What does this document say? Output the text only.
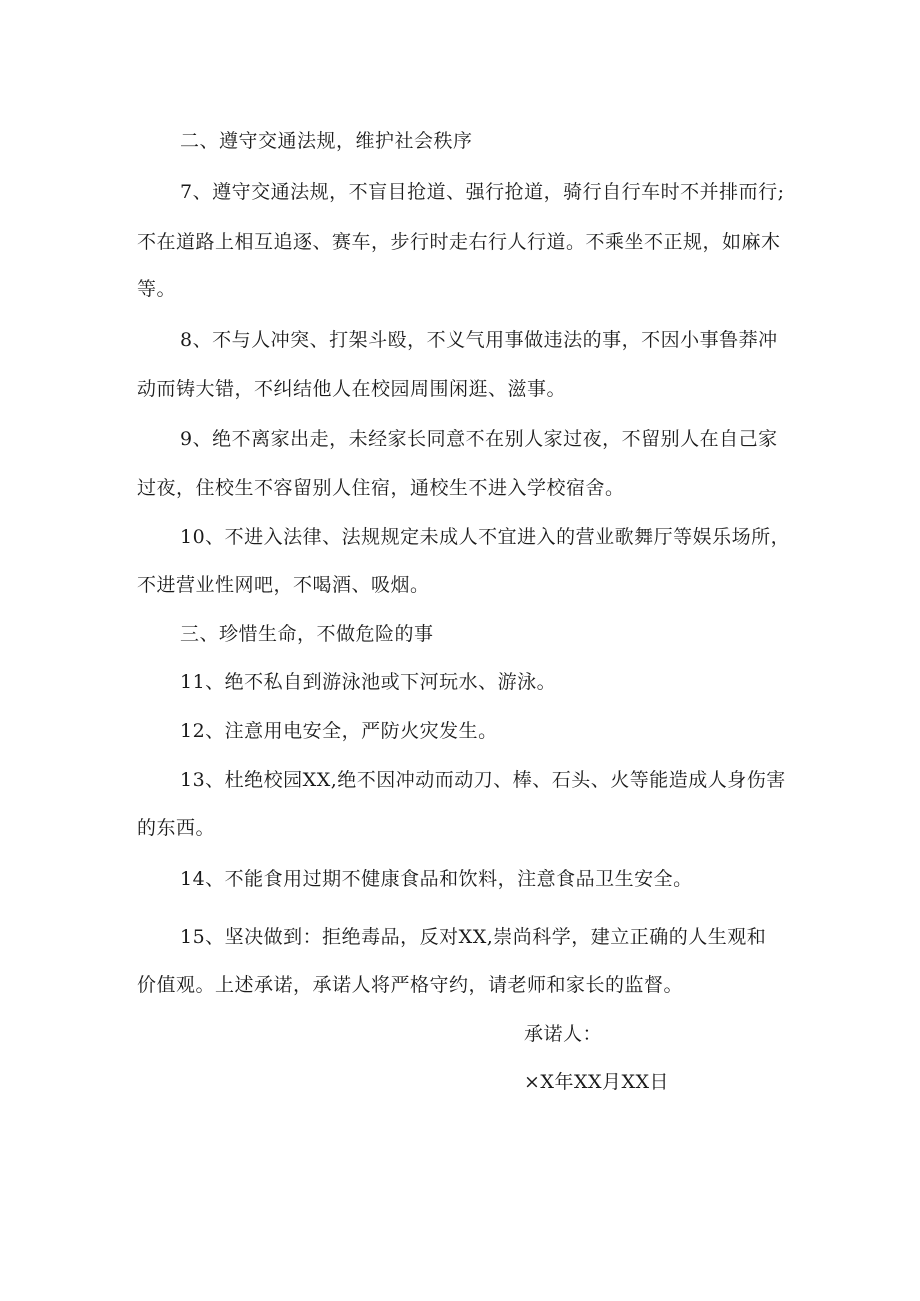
二、遵守交通法规，维护社会秩序
7、遵守交通法规，不盲目抢道、强行抢道，骑行自行车时不并排而行;
不在道路上相互追逐、赛车，步行时走右行人行道。不乘坐不正规，如麻木
等。
8、不与人冲突、打架斗殴，不义气用事做违法的事，不因小事鲁莽冲
动而铸大错，不纠结他人在校园周围闲逛、滋事。
9、绝不离家出走，未经家长同意不在别人家过夜，不留别人在自己家
过夜，住校生不容留别人住宿，通校生不进入学校宿舍。
10、不进入法律、法规规定未成人不宜进入的营业歌舞厅等娱乐场所，
不进营业性网吧，不喝酒、吸烟。
三、珍惜生命，不做危险的事
11、绝不私自到游泳池或下河玩水、游泳。
12、注意用电安全，严防火灾发生。
13、杜绝校园XX,绝不因冲动而动刀、棒、石头、火等能造成人身伤害
的东西。
14、不能食用过期不健康食品和饮料，注意食品卫生安全。
15、坚决做到：拒绝毒品，反对XX,崇尚科学，建立正确的人生观和
价值观。上述承诺，承诺人将严格守约，请老师和家长的监督。
承诺人：
×X年XX月XX日
